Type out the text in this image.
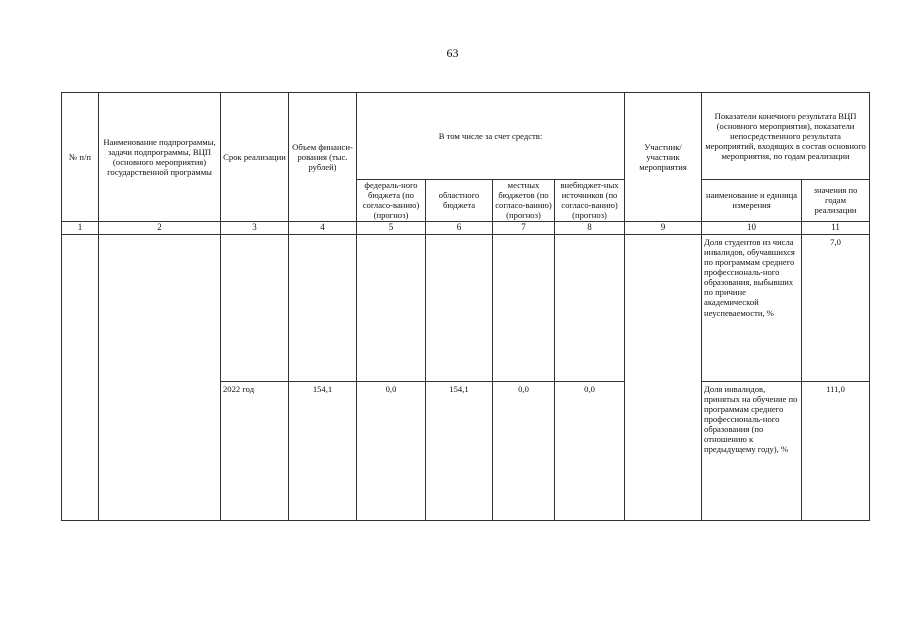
63
№ п/п	Наименование подпрограммы, задачи подпрограммы, ВЦП (основного мероприятия) государственной программы	Срок реализации	Объем финанси-рования (тыс. рублей)	В том числе за счет средств:				Участник/ участник мероприятия	Показатели конечного результата ВЦП (основного мероприятия), показатели непосредственного результата мероприятий, входящих в состав основного мероприятия, по годам реализации	
				федераль-ного бюджета (по согласо-ванию) (прогноз)	областного бюджета	местных бюджетов (по согласо-ванию) (прогноз)	внебюджет-ных источников (по согласо-ванию) (прогноз)		наименование и единица измерения	значения по годам реализации
1	2	3	4	5	6	7	8	9	10	11
									Доля студентов из числа инвалидов, обучавшихся по программам среднего профессиональ-ного образования, выбывших по причине академической неуспеваемости, %	7,0
		2022 год	154,1	0,0	154,1	0,0	0,0		Доля инвалидов, принятых на обучение по программам среднего профессиональ-ного образования (по отношению к предыдущему году), %	111,0
